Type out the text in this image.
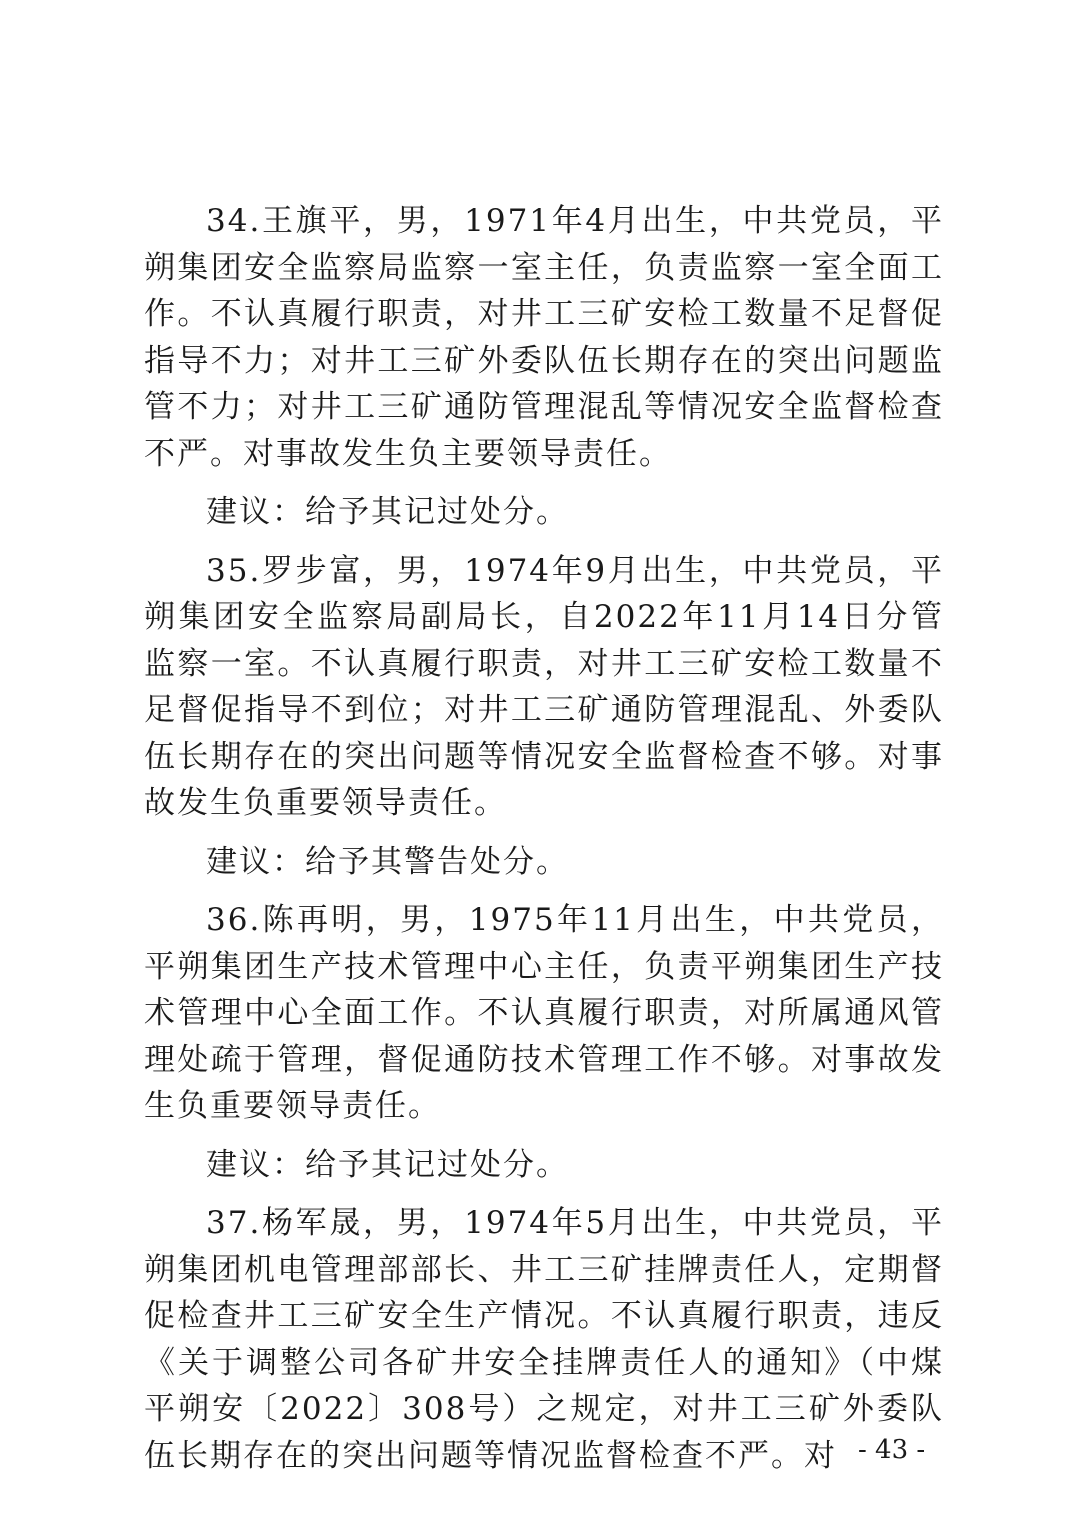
34.王旗平，男，1971年4月出生，中共党员，平朔集团安全监察局监察一室主任，负责监察一室全面工作。不认真履行职责，对井工三矿安检工数量不足督促指导不力；对井工三矿外委队伍长期存在的突出问题监管不力；对井工三矿通防管理混乱等情况安全监督检查不严。对事故发生负主要领导责任。

建议：给予其记过处分。

35.罗步富，男，1974年9月出生，中共党员，平朔集团安全监察局副局长，自2022年11月14日分管监察一室。不认真履行职责，对井工三矿安检工数量不足督促指导不到位；对井工三矿通防管理混乱、外委队伍长期存在的突出问题等情况安全监督检查不够。对事故发生负重要领导责任。

建议：给予其警告处分。

36.陈再明，男，1975年11月出生，中共党员，平朔集团生产技术管理中心主任，负责平朔集团生产技术管理中心全面工作。不认真履行职责，对所属通风管理处疏于管理，督促通防技术管理工作不够。对事故发生负重要领导责任。

建议：给予其记过处分。

37.杨军晟，男，1974年5月出生，中共党员，平朔集团机电管理部部长、井工三矿挂牌责任人，定期督促检查井工三矿安全生产情况。不认真履行职责，违反《关于调整公司各矿井安全挂牌责任人的通知》（中煤平朔安〔2022〕308号）之规定，对井工三矿外委队伍长期存在的突出问题等情况监督检查不严。对 - 43 -
